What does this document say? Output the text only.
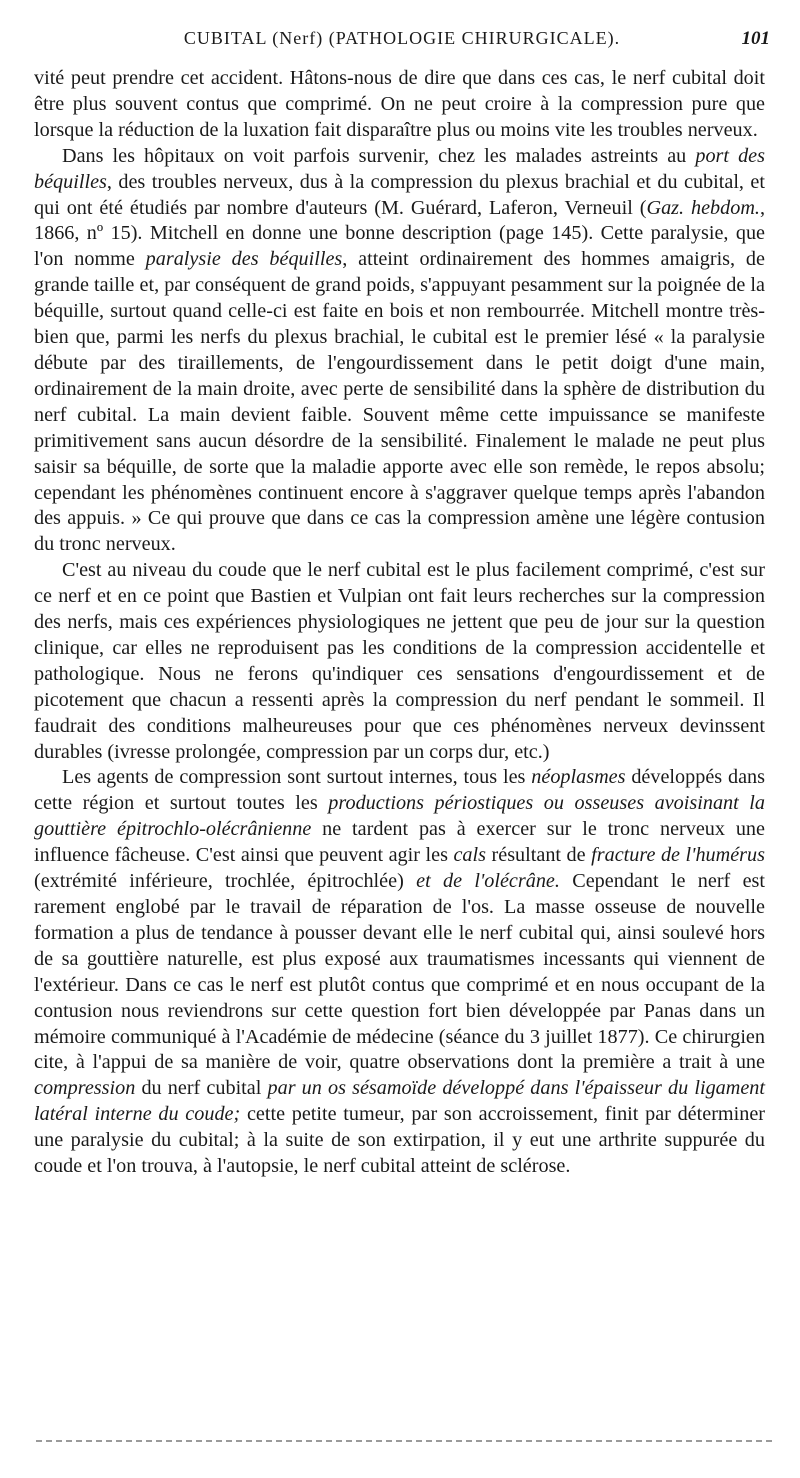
CUBITAL (Nerf) (PATHOLOGIE CHIRURGICALE).	101

vité peut prendre cet accident. Hâtons-nous de dire que dans ces cas, le nerf cubital doit être plus souvent contus que comprimé. On ne peut croire à la compression pure que lorsque la réduction de la luxation fait disparaître plus ou moins vite les troubles nerveux.

Dans les hôpitaux on voit parfois survenir, chez les malades astreints au port des béquilles, des troubles nerveux, dus à la compression du plexus brachial et du cubital, et qui ont été étudiés par nombre d'auteurs (M. Guérard, Laferon, Verneuil (Gaz. hebdom., 1866, nº 15). Mitchell en donne une bonne description (page 145). Cette paralysie, que l'on nomme paralysie des béquilles, atteint ordinairement des hommes amaigris, de grande taille et, par conséquent de grand poids, s'appuyant pesamment sur la poignée de la béquille, surtout quand celle-ci est faite en bois et non rembourrée. Mitchell montre très-bien que, parmi les nerfs du plexus brachial, le cubital est le premier lésé « la paralysie débute par des tiraillements, de l'engourdissement dans le petit doigt d'une main, ordinairement de la main droite, avec perte de sensibilité dans la sphère de distribution du nerf cubital. La main devient faible. Souvent même cette impuissance se manifeste primitivement sans aucun désordre de la sensibilité. Finalement le malade ne peut plus saisir sa béquille, de sorte que la maladie apporte avec elle son remède, le repos absolu; cependant les phénomènes continuent encore à s'aggraver quelque temps après l'abandon des appuis. » Ce qui prouve que dans ce cas la compression amène une légère contusion du tronc nerveux.

C'est au niveau du coude que le nerf cubital est le plus facilement comprimé, c'est sur ce nerf et en ce point que Bastien et Vulpian ont fait leurs recherches sur la compression des nerfs, mais ces expériences physiologiques ne jettent que peu de jour sur la question clinique, car elles ne reproduisent pas les conditions de la compression accidentelle et pathologique. Nous ne ferons qu'indiquer ces sensations d'engourdissement et de picotement que chacun a ressenti après la compression du nerf pendant le sommeil. Il faudrait des conditions malheureuses pour que ces phénomènes nerveux devinssent durables (ivresse prolongée, compression par un corps dur, etc.)

Les agents de compression sont surtout internes, tous les néoplasmes développés dans cette région et surtout toutes les productions périostiques ou osseuses avoisinant la gouttière épitrochlo-olécrânienne ne tardent pas à exercer sur le tronc nerveux une influence fâcheuse. C'est ainsi que peuvent agir les cals résultant de fracture de l'humérus (extrémité inférieure, trochlée, épitrochlée) et de l'olécrâne. Cependant le nerf est rarement englobé par le travail de réparation de l'os. La masse osseuse de nouvelle formation a plus de tendance à pousser devant elle le nerf cubital qui, ainsi soulevé hors de sa gouttière naturelle, est plus exposé aux traumatismes incessants qui viennent de l'extérieur. Dans ce cas le nerf est plutôt contus que comprimé et en nous occupant de la contusion nous reviendrons sur cette question fort bien développée par Panas dans un mémoire communiqué à l'Académie de médecine (séance du 3 juillet 1877). Ce chirurgien cite, à l'appui de sa manière de voir, quatre observations dont la première a trait à une compression du nerf cubital par un os sésamoïde développé dans l'épaisseur du ligament latéral interne du coude; cette petite tumeur, par son accroissement, finit par déterminer une paralysie du cubital; à la suite de son extirpation, il y eut une arthrite suppurée du coude et l'on trouva, à l'autopsie, le nerf cubital atteint de sclérose.
